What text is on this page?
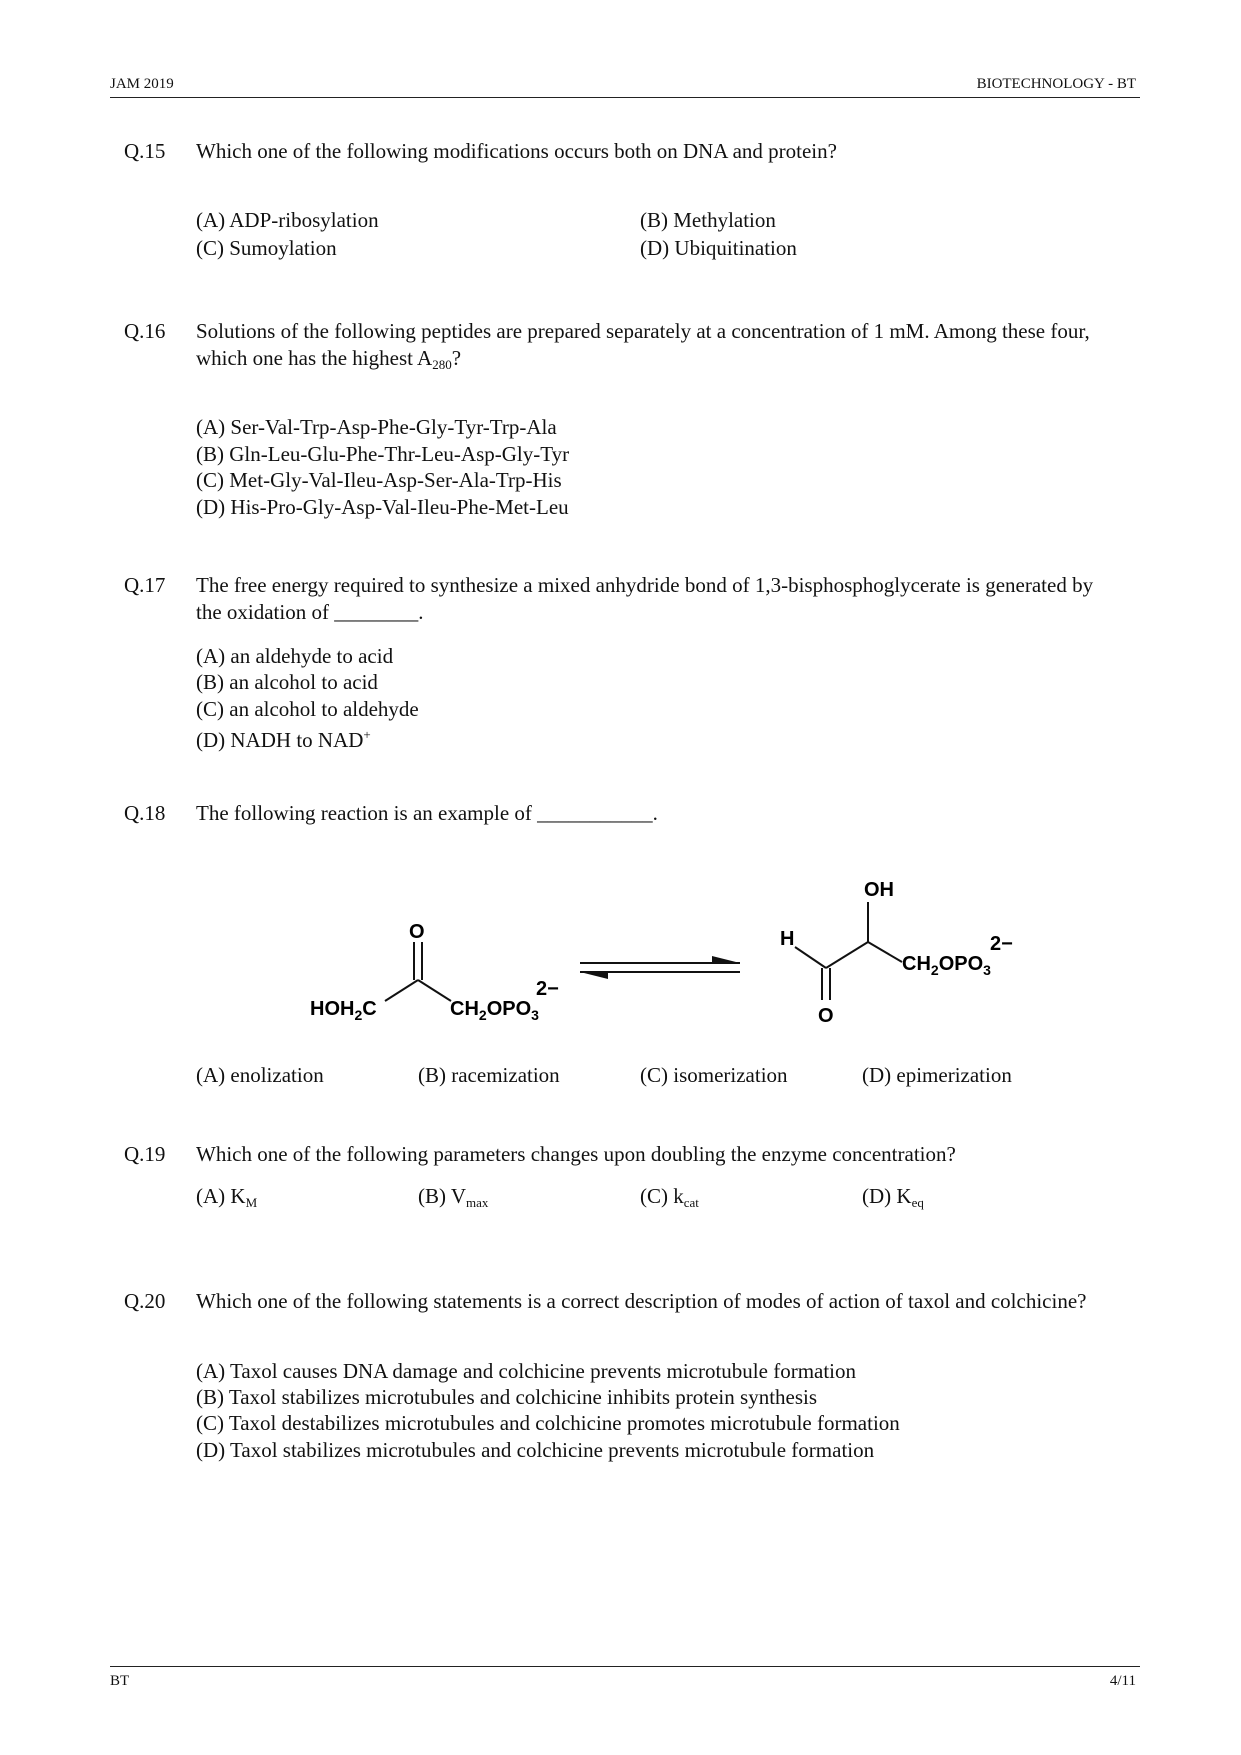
JAM 2019	BIOTECHNOLOGY - BT
Q.15	Which one of the following modifications occurs both on DNA and protein?
(A) ADP-ribosylation	(B) Methylation
(C) Sumoylation	(D) Ubiquitination
Q.16	Solutions of the following peptides are prepared separately at a concentration of 1 mM. Among these four, which one has the highest $A_{280}$?
(A) Ser-Val-Trp-Asp-Phe-Gly-Tyr-Trp-Ala
(B) Gln-Leu-Glu-Phe-Thr-Leu-Asp-Gly-Tyr
(C) Met-Gly-Val-Ileu-Asp-Ser-Ala-Trp-His
(D) His-Pro-Gly-Asp-Val-Ileu-Phe-Met-Leu
Q.17	The free energy required to synthesize a mixed anhydride bond of 1,3-bisphosphoglycerate is generated by the oxidation of ________.
(A) an aldehyde to acid
(B) an alcohol to acid
(C) an alcohol to aldehyde
(D) NADH to NAD+
Q.18	The following reaction is an example of ___________.
O
$HOH_2C$	$CH_2OPO_3$
2−
OH
H
O
$CH_2OPO_3$
2−
(A) enolization	(B) racemization	(C) isomerization	(D) epimerization
Q.19	Which one of the following parameters changes upon doubling the enzyme concentration?
(A) $K_M$	(B) $V_{max}$	(C) $k_{cat}$	(D) $K_{eq}$
Q.20	Which one of the following statements is a correct description of modes of action of taxol and colchicine?
(A) Taxol causes DNA damage and colchicine prevents microtubule formation
(B) Taxol stabilizes microtubules and colchicine inhibits protein synthesis
(C) Taxol destabilizes microtubules and colchicine promotes microtubule formation
(D) Taxol stabilizes microtubules and colchicine prevents microtubule formation
BT	4/11
